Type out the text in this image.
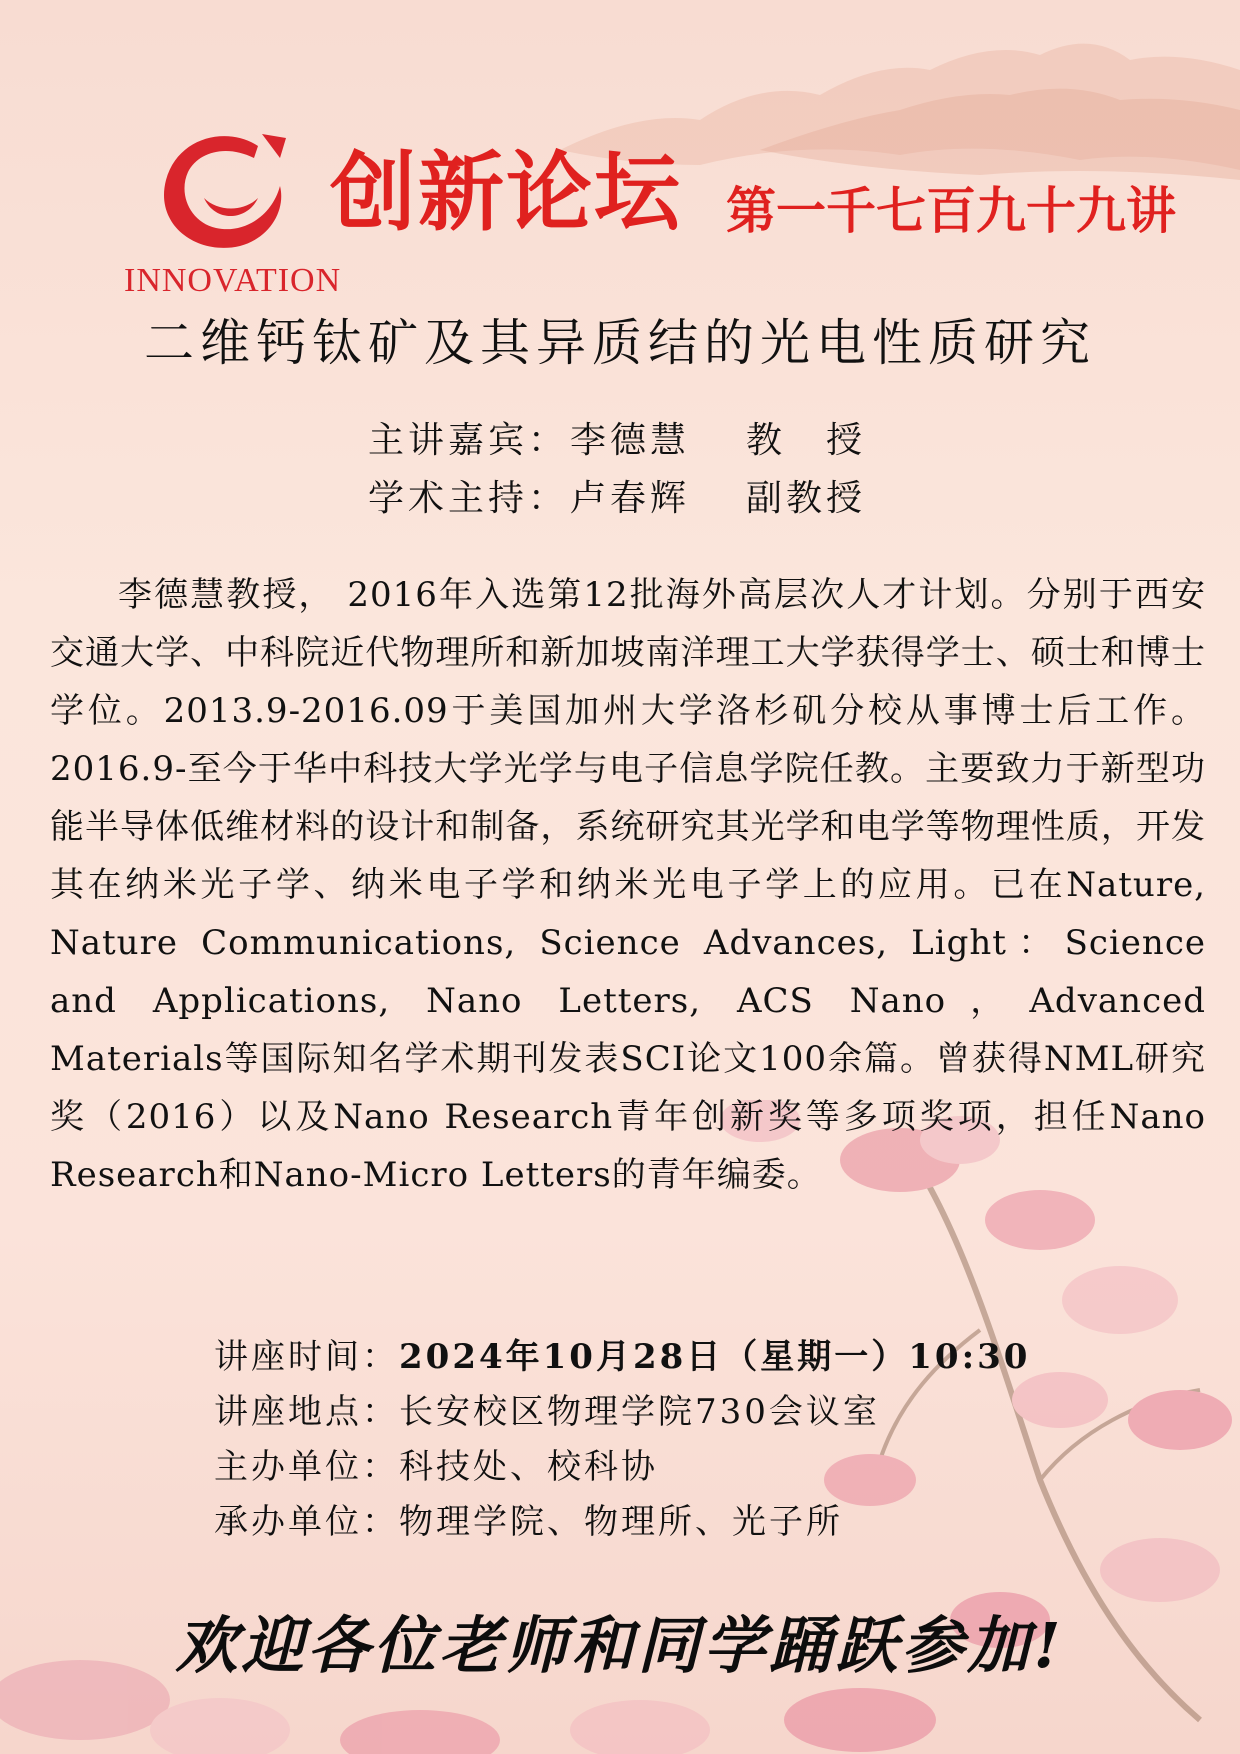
INNOVATION
创新论坛 第一千七百九十九讲
二维钙钛矿及其异质结的光电性质研究
主讲嘉宾：李德慧 教　授
学术主持：卢春辉 副教授
李德慧教授， 2016年入选第12批海外高层次人才计划。分别于西安交通大学、中科院近代物理所和新加坡南洋理工大学获得学士、硕士和博士学位。2013.9-2016.09于美国加州大学洛杉矶分校从事博士后工作。2016.9-至今于华中科技大学光学与电子信息学院任教。主要致力于新型功能半导体低维材料的设计和制备，系统研究其光学和电学等物理性质，开发其在纳米光子学、纳米电子学和纳米光电子学上的应用。已在Nature, Nature Communications, Science Advances, Light：Science and Applications, Nano Letters, ACS Nano，Advanced Materials等国际知名学术期刊发表SCI论文100余篇。曾获得NML研究奖（2016）以及Nano Research青年创新奖等多项奖项，担任Nano Research和Nano-Micro Letters的青年编委。
讲座时间：2024年10月28日（星期一）10:30
讲座地点：长安校区物理学院730会议室
主办单位：科技处、校科协
承办单位：物理学院、物理所、光子所
欢迎各位老师和同学踊跃参加!
